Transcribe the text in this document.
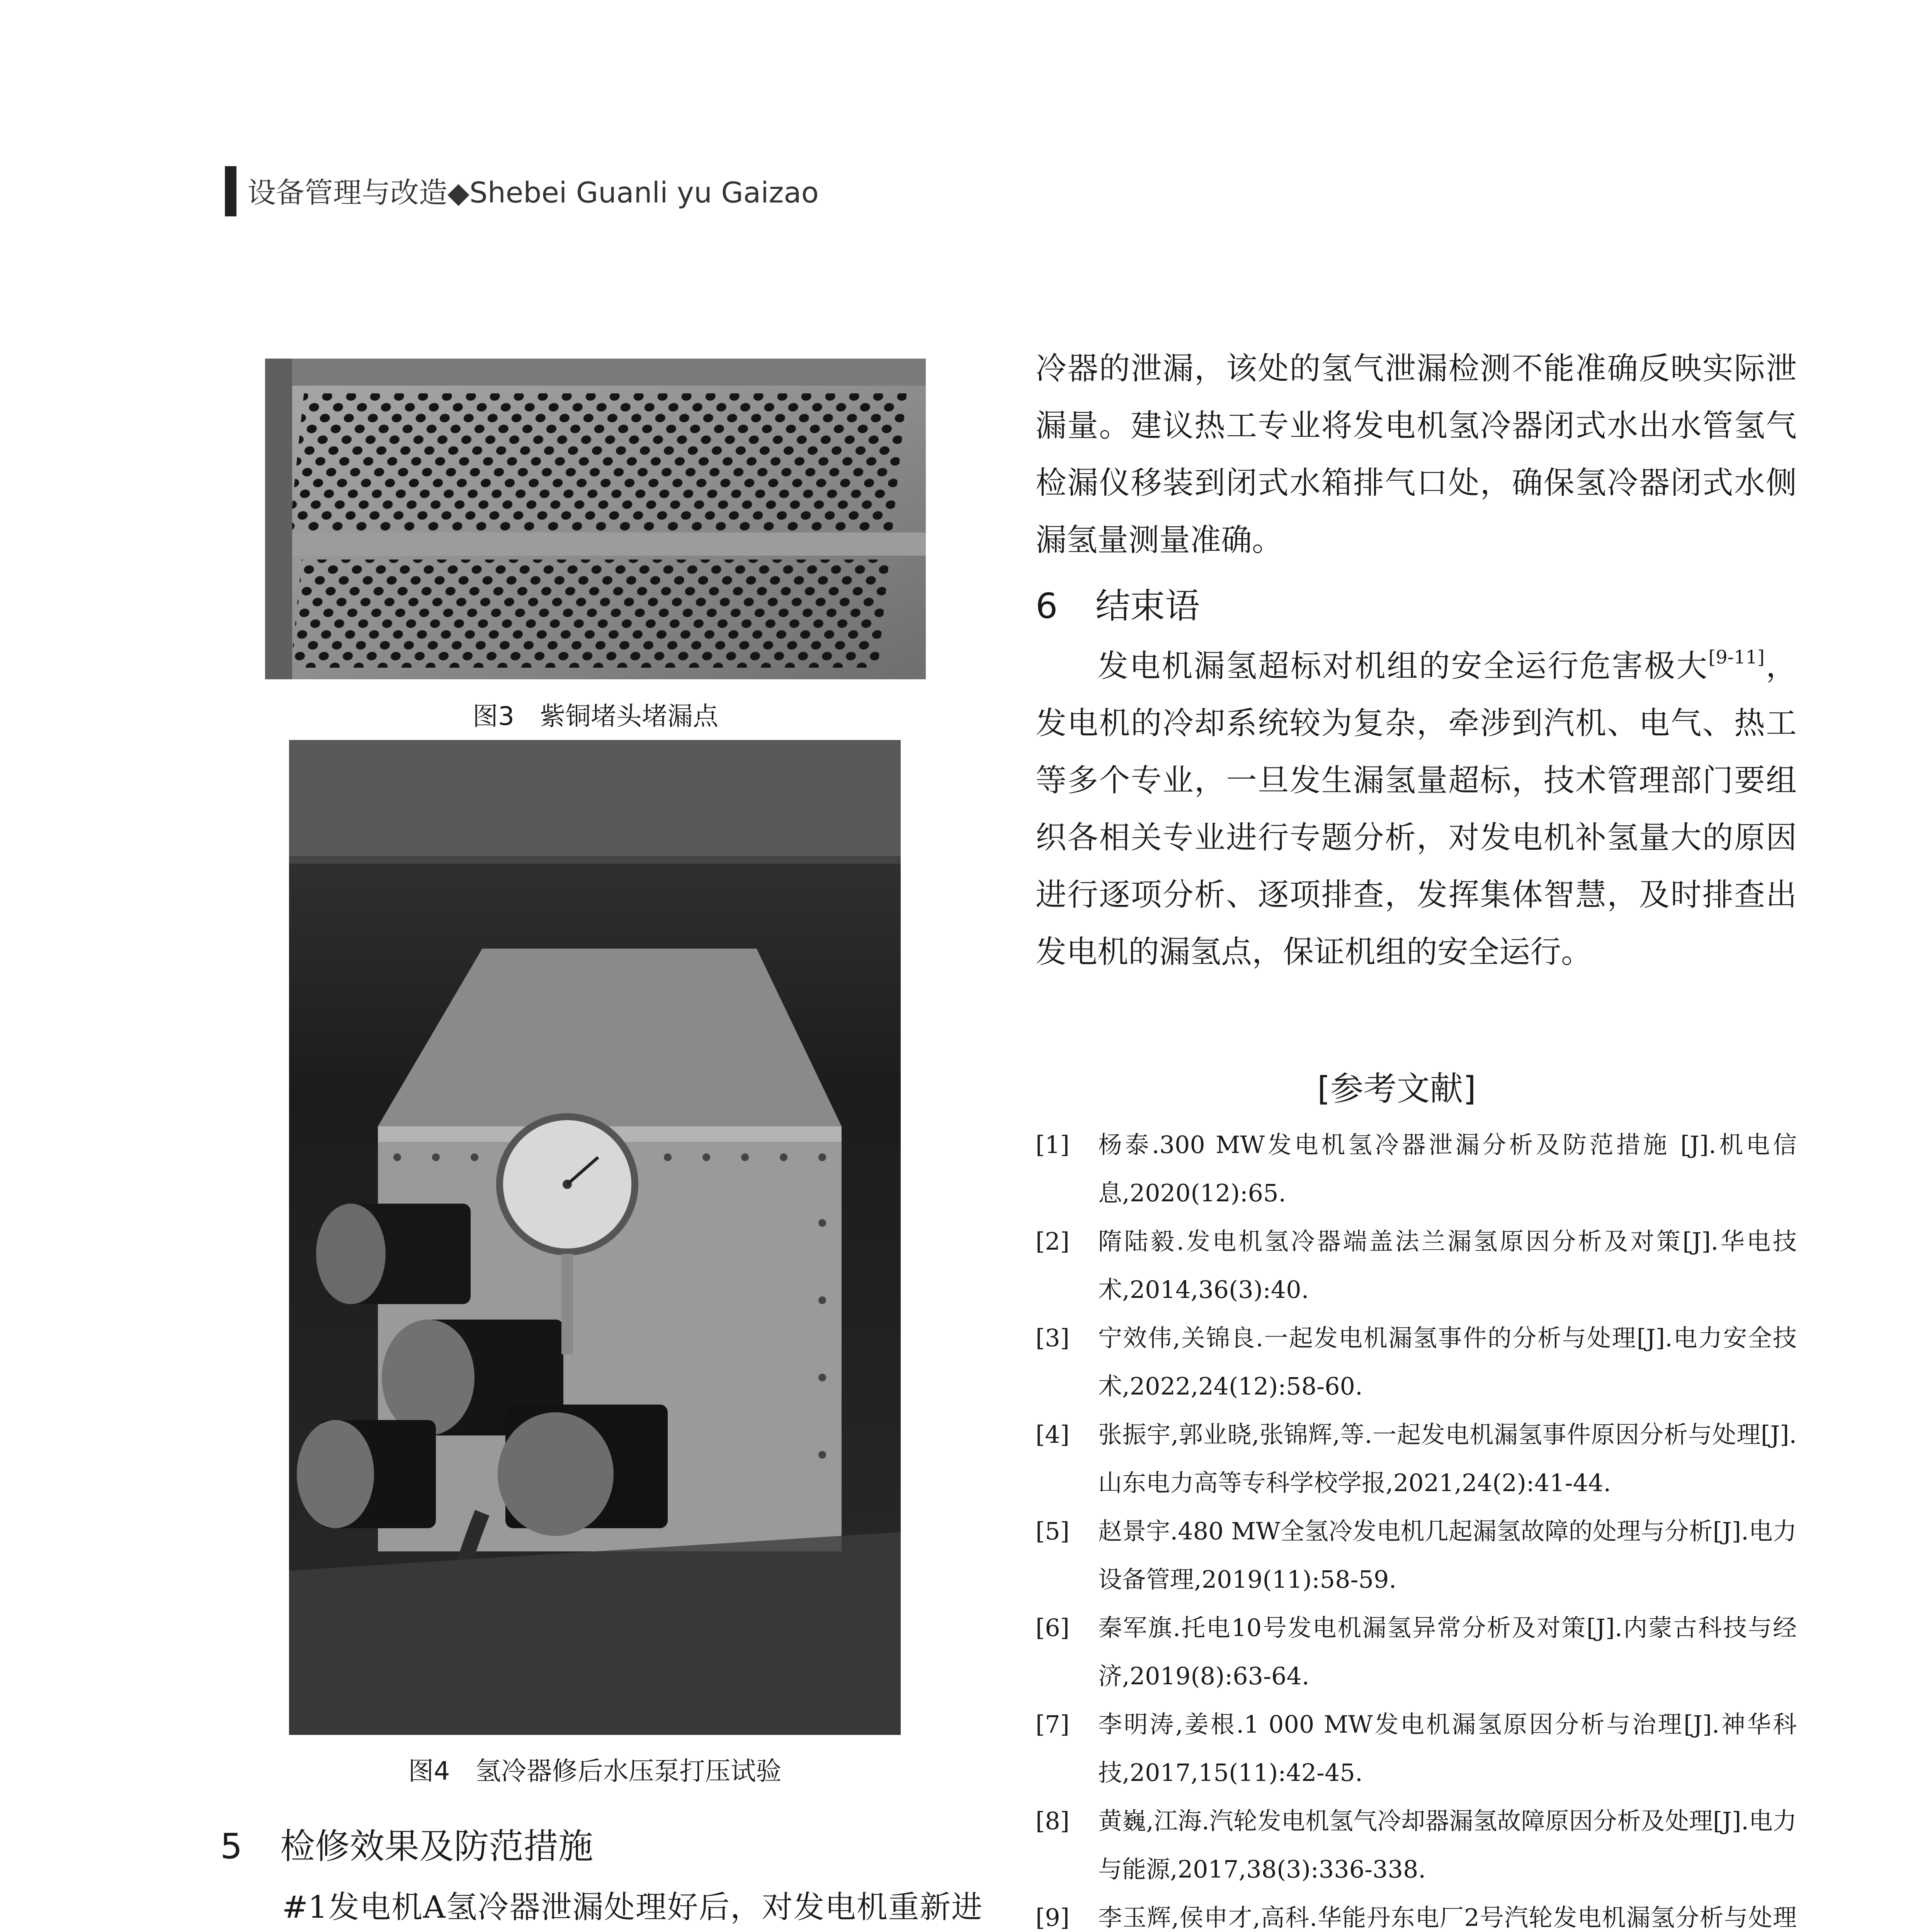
设备管理与改造◆Shebei Guanli yu Gaizao
图3　紫铜堵头堵漏点
图4　氢冷器修后水压泵打压试验
5 检修效果及防范措施

#1发电机A氢冷器泄漏处理好后，对发电机重新进

冷器的泄漏，该处的氢气泄漏检测不能准确反映实际泄漏量。建议热工专业将发电机氢冷器闭式水出水管氢气检漏仪移装到闭式水箱排气口处，确保氢冷器闭式水侧漏氢量测量准确。

6 结束语

发电机漏氢超标对机组的安全运行危害极大[9-11]，发电机的冷却系统较为复杂，牵涉到汽机、电气、热工等多个专业，一旦发生漏氢量超标，技术管理部门要组织各相关专业进行专题分析，对发电机补氢量大的原因进行逐项分析、逐项排查，发挥集体智慧，及时排查出发电机的漏氢点，保证机组的安全运行。

[参考文献]
[1]	杨泰.300 MW发电机氢冷器泄漏分析及防范措施 [J].机电信息,2020(12):65.
[2]	隋陆毅.发电机氢冷器端盖法兰漏氢原因分析及对策[J].华电技术,2014,36(3):40.
[3]	宁效伟,关锦良.一起发电机漏氢事件的分析与处理[J].电力安全技术,2022,24(12):58-60.
[4]	张振宇,郭业晓,张锦辉,等.一起发电机漏氢事件原因分析与处理[J].山东电力高等专科学校学报,2021,24(2):41-44.
[5]	赵景宇.480 MW全氢冷发电机几起漏氢故障的处理与分析[J].电力设备管理,2019(11):58-59.
[6]	秦军旗.托电10号发电机漏氢异常分析及对策[J].内蒙古科技与经济,2019(8):63-64.
[7]	李明涛,姜根.1 000 MW发电机漏氢原因分析与治理[J].神华科技,2017,15(11):42-45.
[8]	黄巍,江海.汽轮发电机氢气冷却器漏氢故障原因分析及处理[J].电力与能源,2017,38(3):336-338.
[9]	李玉辉,侯申才,高科.华能丹东电厂2号汽轮发电机漏氢分析与处理
